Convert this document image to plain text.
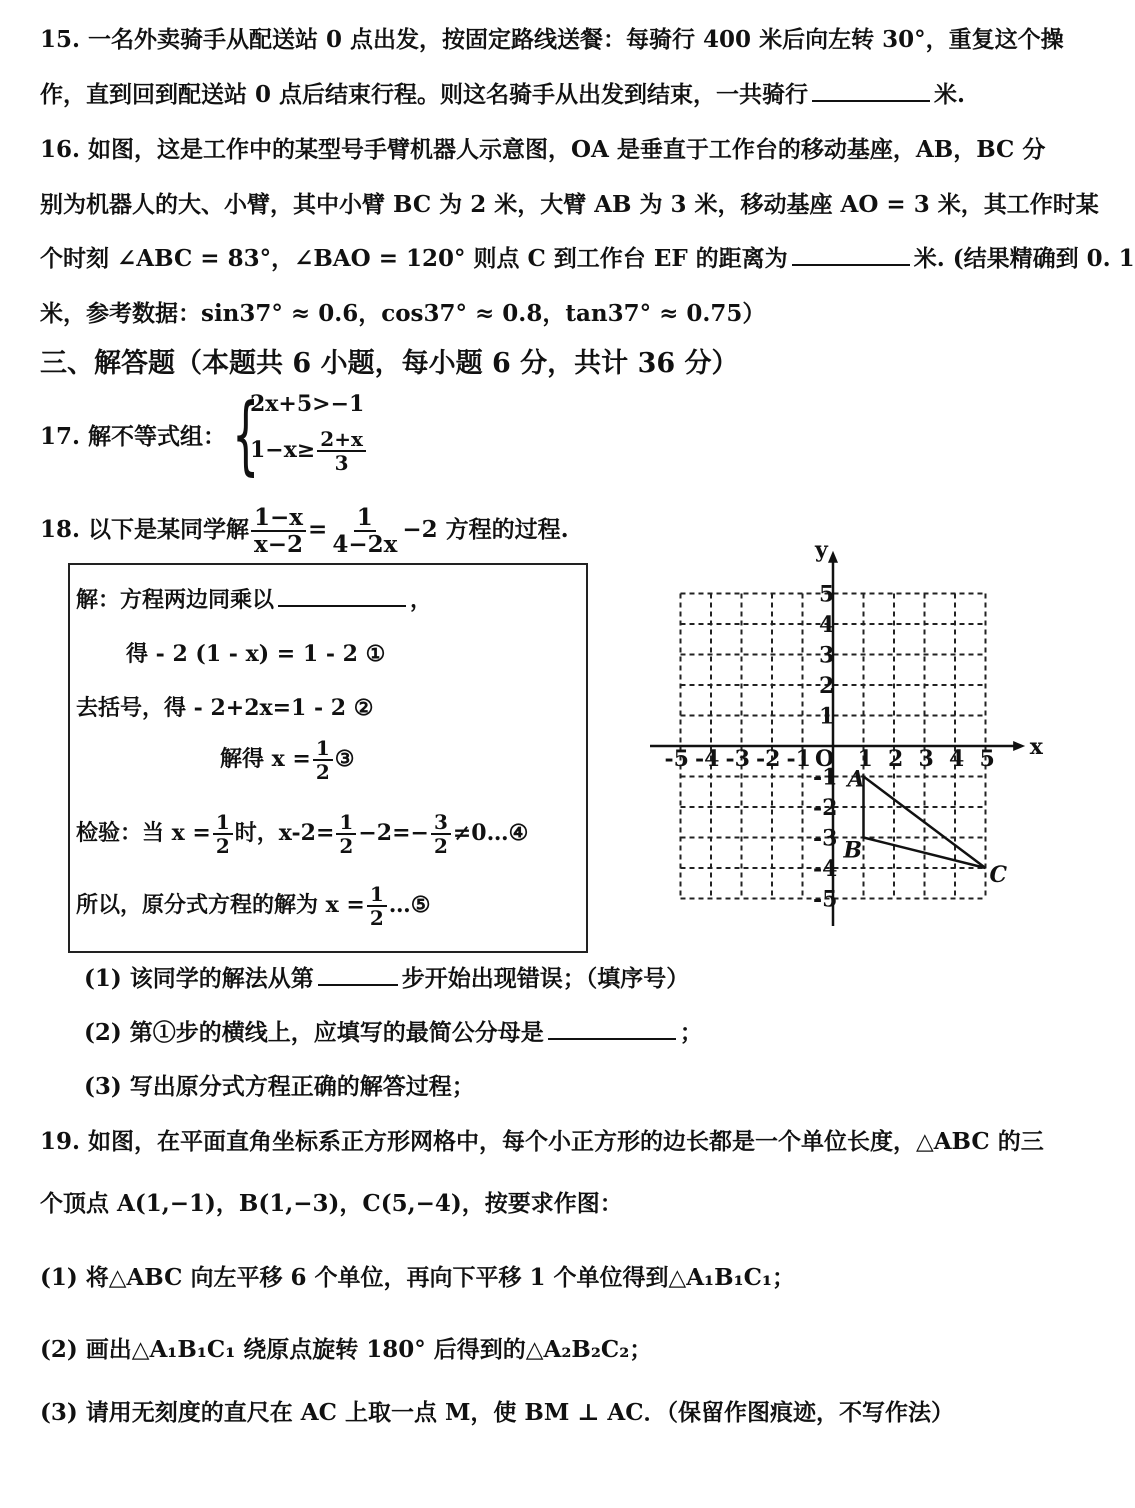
15. 一名外卖骑手从配送站 0 点出发，按固定路线送餐：每骑行 400 米后向左转 30°，重复这个操
作，直到回到配送站 0 点后结束行程。则这名骑手从出发到结束，一共骑行	米.
16. 如图，这是工作中的某型号手臂机器人示意图，OA 是垂直于工作台的移动基座，AB，BC 分
别为机器人的大、小臂，其中小臂 BC 为 2 米，大臂 AB 为 3 米，移动基座 AO = 3 米，其工作时某
个时刻 ∠ABC = 83°，∠BAO = 120° 则点 C 到工作台 EF 的距离为	米. (结果精确到 0. 1
米，参考数据：sin37° ≈ 0.6，cos37° ≈ 0.8，tan37° ≈ 0.75）
三、解答题（本题共 6 小题，每小题 6 分，共计 36 分）
17. 解不等式组： {
2x+5>−1
$1-x\ge \frac{2+x}{3}$
18. 以下是某同学解 $\frac{1-x}{x-2} = \frac{1}{4-2x} -2$ 方程的过程.
解：方程两边同乘以	，
得 - 2 (1 - x) = 1 - 2 ①
去括号，得 - 2+2x=1 - 2 ②
解得 $x = \frac{1}{2}$ ③
检验：当 $x = \frac{1}{2}$ 时，$x-2= \frac{1}{2} -2=- \frac{3}{2}$ ≠0…④
所以，原分式方程的解为 $x = \frac{1}{2}$ …⑤
(1) 该同学的解法从第	步开始出现错误；（填序号）
(2) 第①步的横线上，应填写的最简公分母是	；
(3) 写出原分式方程正确的解答过程；
19. 如图，在平面直角坐标系正方形网格中，每个小正方形的边长都是一个单位长度，△ABC 的三
个顶点 A(1,−1)，B(1,−3)，C(5,−4)，按要求作图：
(1) 将△ABC 向左平移 6 个单位，再向下平移 1 个单位得到△A₁B₁C₁；
(2) 画出△A₁B₁C₁ 绕原点旋转 180° 后得到的△A₂B₂C₂；
(3) 请用无刻度的直尺在 AC 上取一点 M，使 BM ⊥ AC．（保留作图痕迹，不写作法）
x
y
O
-5 -4 -3 -2 -1 1 2 3 4 5
5
4
3
2
1
-1
-2
-3
-4
-5
A
B
C
